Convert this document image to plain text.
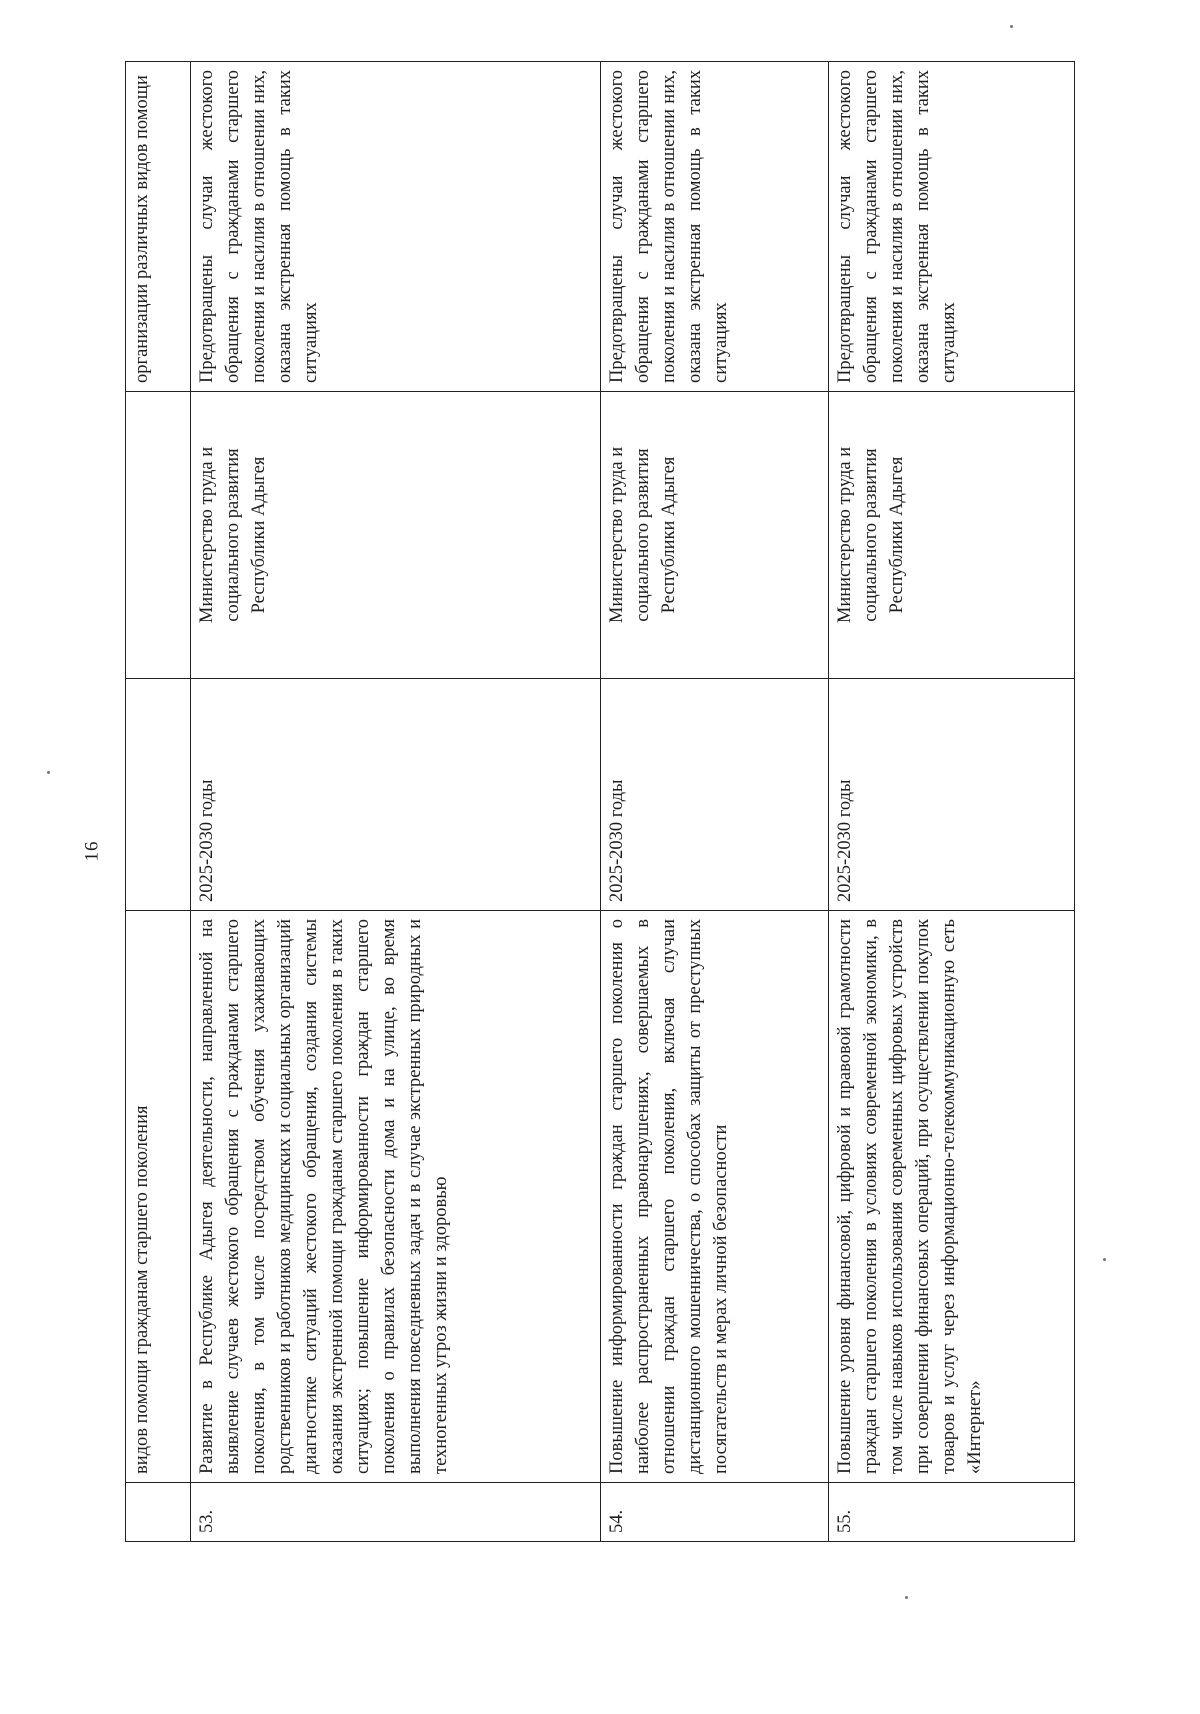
16
	видов помощи гражданам старшего поколения			организации различных видов помощи
53.	Развитие в Республике Адыгея деятельности, направленной на выявление случаев жестокого обращения с гражданами старшего поколения, в том числе посредством обучения ухаживающих родственников и работников медицинских и социальных организаций диагностике ситуаций жестокого обращения, создания системы оказания экстренной помощи гражданам старшего поколения в таких ситуациях; повышение информированности граждан старшего поколения о правилах безопасности дома и на улице, во время выполнения повседневных задач и в случае экстренных природных и техногенных угроз жизни и здоровью	2025-2030 годы	Министерство труда и социального развития Республики Адыгея	Предотвращены случаи жестокого обращения с гражданами старшего поколения и насилия в отношении них, оказана экстренная помощь в таких ситуациях
54.	Повышение информированности граждан старшего поколения о наиболее распространенных правонарушениях, совершаемых в отношении граждан старшего поколения, включая случаи дистанционного мошенничества, о способах защиты от преступных посягательств и мерах личной безопасности	2025-2030 годы	Министерство труда и социального развития Республики Адыгея	Предотвращены случаи жестокого обращения с гражданами старшего поколения и насилия в отношении них, оказана экстренная помощь в таких ситуациях
55.	Повышение уровня финансовой, цифровой и правовой грамотности граждан старшего поколения в условиях современной экономики, в том числе навыков использования современных цифровых устройств при совершении финансовых операций, при осуществлении покупок товаров и услуг через информационно-телекоммуникационную сеть «Интернет»	2025-2030 годы	Министерство труда и социального развития Республики Адыгея	Предотвращены случаи жестокого обращения с гражданами старшего поколения и насилия в отношении них, оказана экстренная помощь в таких ситуациях
